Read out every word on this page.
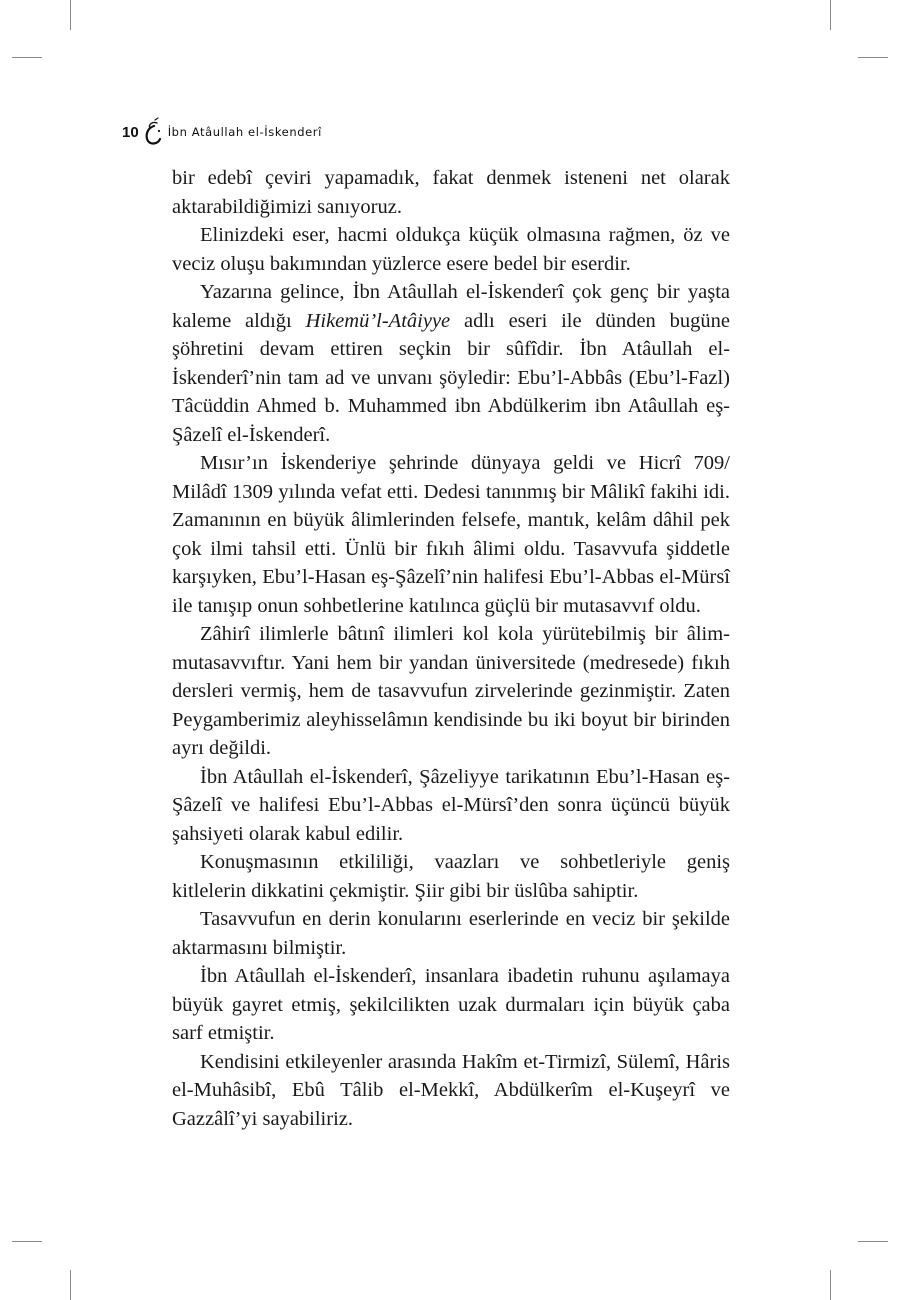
10	İbn Atâullah el-İskenderî

bir edebî çeviri yapamadık, fakat denmek isteneni net olarak aktarabildiğimizi sanıyoruz.

Elinizdeki eser, hacmi oldukça küçük olmasına rağmen, öz ve veciz oluşu bakımından yüzlerce esere bedel bir eserdir.

Yazarına gelince, İbn Atâullah el-İskenderî çok genç bir yaşta kaleme aldığı Hikemü’l-Atâiyye adlı eseri ile dünden bugüne şöhretini devam ettiren seçkin bir sûfîdir. İbn Atâullah el-İskenderî’nin tam ad ve unvanı şöyledir: Ebu’l-Abbâs (Ebu’l-Fazl) Tâcüddin Ahmed b. Muhammed ibn Abdülkerim ibn Atâullah eş-Şâzelî el-İskenderî.

Mısır’ın İskenderiye şehrinde dünyaya geldi ve Hicrî 709/ Milâdî 1309 yılında vefat etti. Dedesi tanınmış bir Mâlikî fakihi idi. Zamanının en büyük âlimlerinden felsefe, mantık, kelâm dâhil pek çok ilmi tahsil etti. Ünlü bir fıkıh âlimi oldu. Tasavvufa şiddetle karşıyken, Ebu’l-Hasan eş-Şâzelî’nin halifesi Ebu’l-Abbas el-Mürsî ile tanışıp onun sohbetlerine katılınca güçlü bir mutasavvıf oldu.

Zâhirî ilimlerle bâtınî ilimleri kol kola yürütebilmiş bir âlim-mutasavvıftır. Yani hem bir yandan üniversitede (medresede) fıkıh dersleri vermiş, hem de tasavvufun zirvelerinde gezinmiştir. Zaten Peygamberimiz aleyhisselâmın kendisinde bu iki boyut bir birinden ayrı değildi.

İbn Atâullah el-İskenderî, Şâzeliyye tarikatının Ebu’l-Hasan eş-Şâzelî ve halifesi Ebu’l-Abbas el-Mürsî’den sonra üçüncü büyük şahsiyeti olarak kabul edilir.

Konuşmasının etkililiği, vaazları ve sohbetleriyle geniş kitlelerin dikkatini çekmiştir. Şiir gibi bir üslûba sahiptir.

Tasavvufun en derin konularını eserlerinde en veciz bir şekilde aktarmasını bilmiştir.

İbn Atâullah el-İskenderî, insanlara ibadetin ruhunu aşılamaya büyük gayret etmiş, şekilcilikten uzak durmaları için büyük çaba sarf etmiştir.

Kendisini etkileyenler arasında Hakîm et-Tirmizî, Sülemî, Hâris el-Muhâsibî, Ebû Tâlib el-Mekkî, Abdülkerîm el-Kuşeyrî ve Gazzâlî’yi sayabiliriz.
